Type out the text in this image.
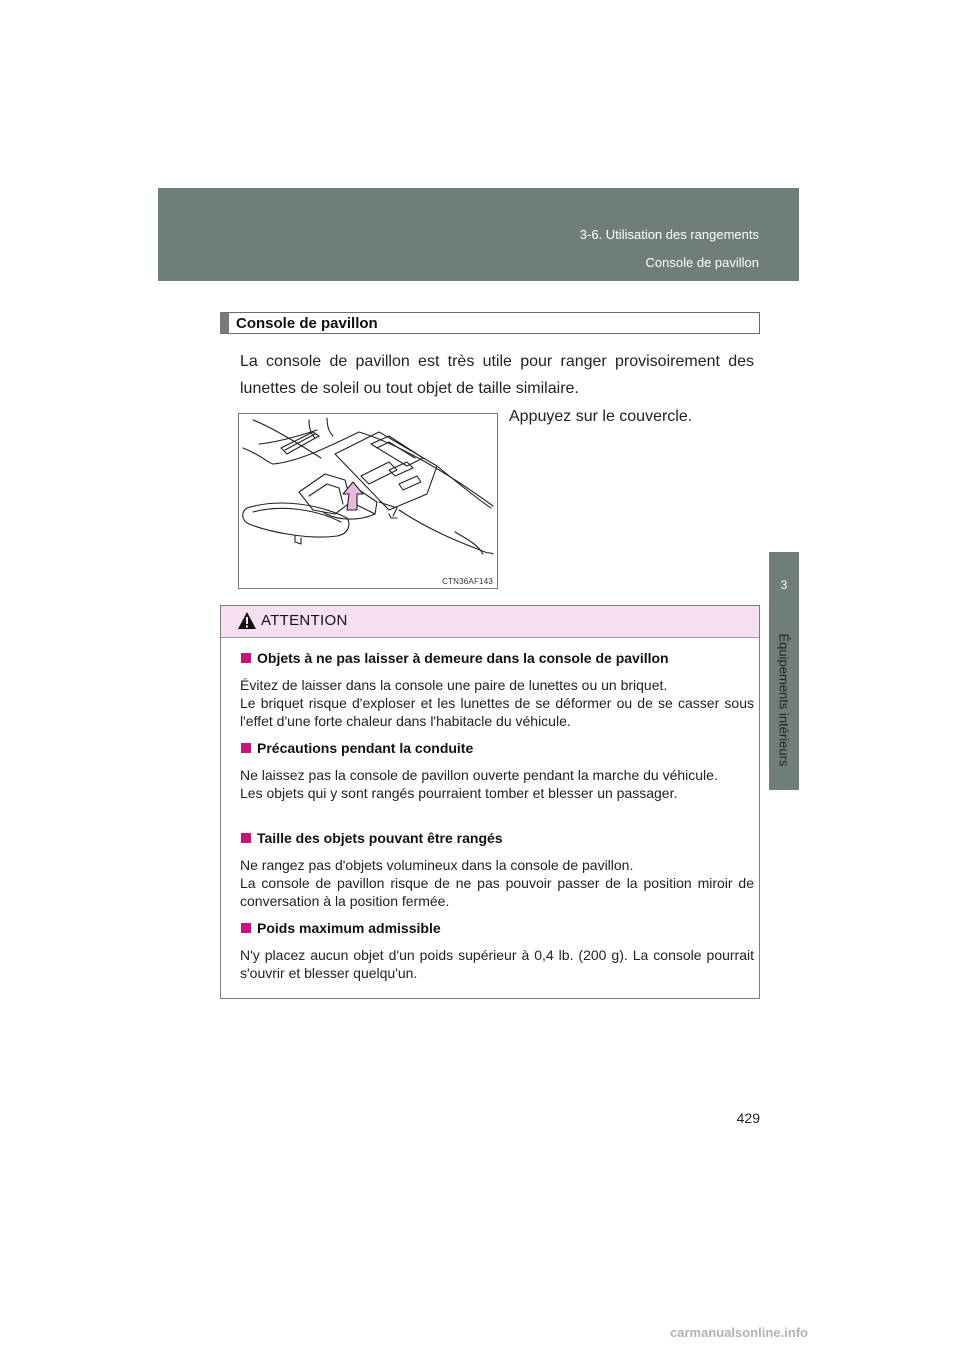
3-6. Utilisation des rangements
Console de pavillon
3
Équipements intérieurs
Console de pavillon
La console de pavillon est très utile pour ranger provisoirement des lunettes de soleil ou tout objet de taille similaire.
CTN36AF143
Appuyez sur le couvercle.
ATTENTION
Objets à ne pas laisser à demeure dans la console de pavillon

Évitez de laisser dans la console une paire de lunettes ou un briquet.
Le briquet risque d'exploser et les lunettes de se déformer ou de se casser sous l'effet d'une forte chaleur dans l'habitacle du véhicule.

Précautions pendant la conduite

Ne laissez pas la console de pavillon ouverte pendant la marche du véhicule.
Les objets qui y sont rangés pourraient tomber et blesser un passager.

Taille des objets pouvant être rangés

Ne rangez pas d'objets volumineux dans la console de pavillon.
La console de pavillon risque de ne pas pouvoir passer de la position miroir de conversation à la position fermée.

Poids maximum admissible

N'y placez aucun objet d'un poids supérieur à 0,4 lb. (200 g). La console pourrait s'ouvrir et blesser quelqu'un.

429
carmanualsonline.info
